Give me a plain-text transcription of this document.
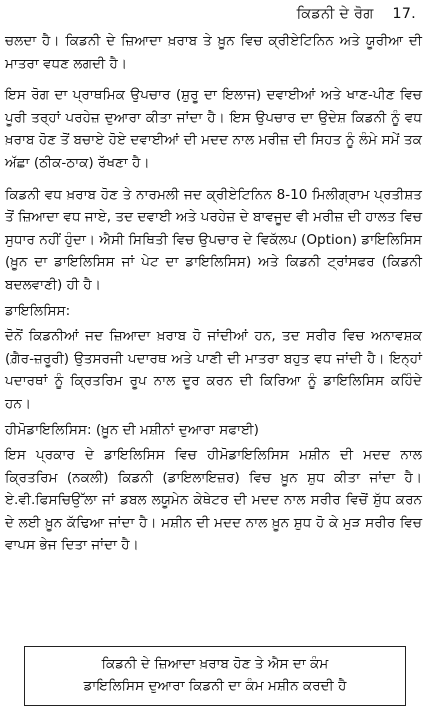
ਕਿਡਨੀ ਦੇ ਰੋਗ 17.

ਚਲਦਾ ਹੈ। ਕਿਡਨੀ ਦੇ ਜ਼ਿਆਦਾ ਖ਼ਰਾਬ ਤੇ ਖ਼ੂਨ ਵਿਚ ਕ੍ਰੀਏਟਿਨਿਨ ਅਤੇ ਯੂਰੀਆ ਦੀ ਮਾਤਰਾ ਵਧਣ ਲਗਦੀ ਹੈ।

ਇਸ ਰੋਗ ਦਾ ਪ੍ਰਾਥਮਿਕ ਉਪਚਾਰ (ਸ਼ੁਰੂ ਦਾ ਇਲਾਜ) ਦਵਾਈਆਂ ਅਤੇ ਖਾਣ-ਪੀਣ ਵਿਚ ਪੂਰੀ ਤਰ੍ਹਾਂ ਪਰਹੇਜ਼ ਦੁਆਰਾ ਕੀਤਾ ਜਾਂਦਾ ਹੈ। ਇਸ ਉਪਚਾਰ ਦਾ ਉਦੇਸ਼ ਕਿਡਨੀ ਨੂੰ ਵਧ ਖ਼ਰਾਬ ਹੋਣ ਤੋਂ ਬਚਾਏ ਹੋਏ ਦਵਾਈਆਂ ਦੀ ਮਦਦ ਨਾਲ ਮਰੀਜ਼ ਦੀ ਸਿਹਤ ਨੂੰ ਲੰਮੇ ਸਮੇਂ ਤਕ ਅੱਛਾ (ਠੀਕ-ਠਾਕ) ਰੱਖਣਾ ਹੈ।

ਕਿਡਨੀ ਵਧ ਖ਼ਰਾਬ ਹੋਣ ਤੇ ਨਾਰਮਲੀ ਜਦ ਕ੍ਰੀਏਟਿਨਿਨ 8-10 ਮਿਲੀਗ੍ਰਾਮ ਪ੍ਰਤੀਸ਼ਤ ਤੋਂ ਜ਼ਿਆਦਾ ਵਧ ਜਾਏ, ਤਦ ਦਵਾਈ ਅਤੇ ਪਰਹੇਜ਼ ਦੇ ਬਾਵਜੂਦ ਵੀ ਮਰੀਜ਼ ਦੀ ਹਾਲਤ ਵਿਚ ਸੁਧਾਰ ਨਹੀਂ ਹੁੰਦਾ। ਐਸੀ ਸਿਥਿਤੀ ਵਿਚ ਉਪਚਾਰ ਦੇ ਵਿਕੱਲਪ (Option) ਡਾਇਲਿਸਿਸ (ਖ਼ੂਨ ਦਾ ਡਾਇਲਿਸਿਸ ਜਾਂ ਪੇਟ ਦਾ ਡਾਇਲਿਸਿਸ) ਅਤੇ ਕਿਡਨੀ ਟ੍ਰਾਂਸਫਰ (ਕਿਡਨੀ ਬਦਲਵਾਣੀ) ਹੀ ਹੈ।

ਡਾਇਲਿਸਿਸ:

ਦੋਨੋਂ ਕਿਡਨੀਆਂ ਜਦ ਜ਼ਿਆਦਾ ਖ਼ਰਾਬ ਹੋ ਜਾਂਦੀਆਂ ਹਨ, ਤਦ ਸਰੀਰ ਵਿਚ ਅਨਾਵਸ਼ਕ (ਗ਼ੈਰ-ਜ਼ਰੂਰੀ) ਉਤਸਰਜੀ ਪਦਾਰਥ ਅਤੇ ਪਾਣੀ ਦੀ ਮਾਤਰਾ ਬਹੁਤ ਵਧ ਜਾਂਦੀ ਹੈ। ਇਨ੍ਹਾਂ ਪਦਾਰਥਾਂ ਨੂੰ ਕ੍ਰਿਤਰਿਮ ਰੂਪ ਨਾਲ ਦੂਰ ਕਰਨ ਦੀ ਕਿਰਿਆ ਨੂੰ ਡਾਇਲਿਸਿਸ ਕਹਿੰਦੇ ਹਨ।

ਹੀਮੋਡਾਇਲਿਸਿਸ: (ਖ਼ੂਨ ਦੀ ਮਸ਼ੀਨਾਂ ਦੁਆਰਾ ਸਫਾਈ)

ਇਸ ਪ੍ਰਕਾਰ ਦੇ ਡਾਇਲਿਸਿਸ ਵਿਚ ਹੀਮੋਡਾਇਲਿਸਿਸ ਮਸ਼ੀਨ ਦੀ ਮਦਦ ਨਾਲ ਕ੍ਰਿਤਰਿਮ (ਨਕਲੀ) ਕਿਡਨੀ (ਡਾਇਲਾਇਜ਼ਰ) ਵਿਚ ਖ਼ੂਨ ਸ਼ੁਧ ਕੀਤਾ ਜਾਂਦਾ ਹੈ। ਏ.ਵੀ.ਫਿਸਚਿਉੱਲਾ ਜਾਂ ਡਬਲ ਲਯੂਮੇਨ ਕੇਥੇਟਰ ਦੀ ਮਦਦ ਨਾਲ ਸਰੀਰ ਵਿਚੋਂ ਸ਼ੁੱਧ ਕਰਨ ਦੇ ਲਈ ਖ਼ੂਨ ਕੱਢਿਆ ਜਾਂਦਾ ਹੈ। ਮਸ਼ੀਨ ਦੀ ਮਦਦ ਨਾਲ ਖ਼ੂਨ ਸ਼ੁਧ ਹੋ ਕੇ ਮੁੜ ਸਰੀਰ ਵਿਚ ਵਾਪਸ ਭੇਜ ਦਿਤਾ ਜਾਂਦਾ ਹੈ।

ਕਿਡਨੀ ਦੇ ਜ਼ਿਆਦਾ ਖ਼ਰਾਬ ਹੋਣ ਤੇ ਐਸ ਦਾ ਕੰਮ
ਡਾਇਲਿਸਿਸ ਦੁਆਰਾ ਕਿਡਨੀ ਦਾ ਕੰਮ ਮਸ਼ੀਨ ਕਰਦੀ ਹੈ
